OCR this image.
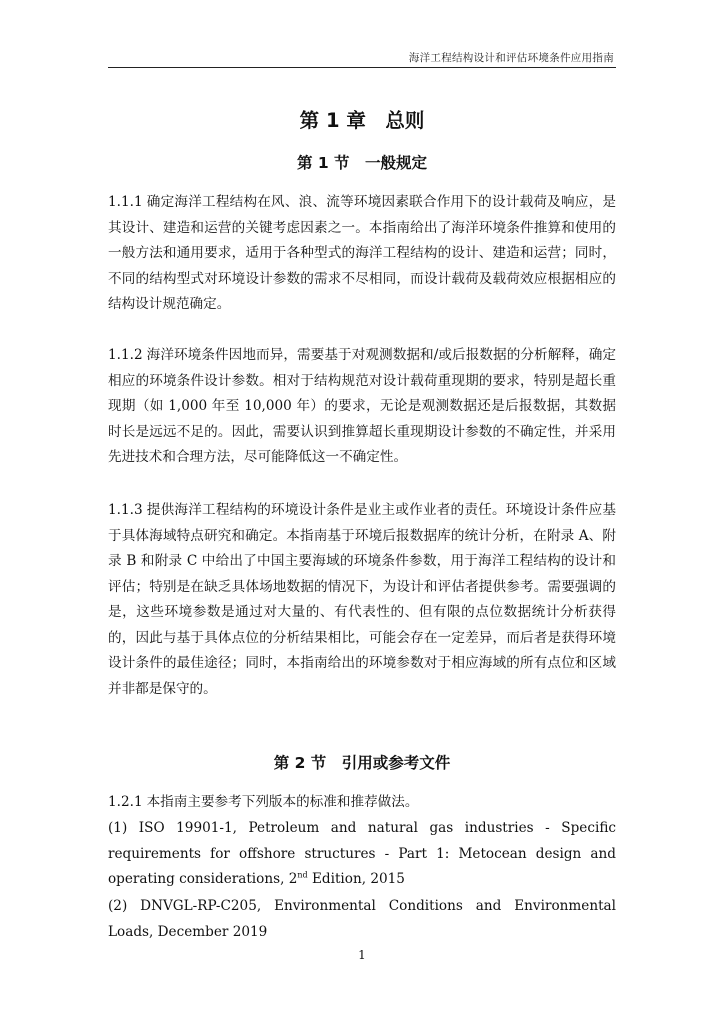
海洋工程结构设计和评估环境条件应用指南
第 1 章　总则
第 1 节　一般规定
1.1.1 确定海洋工程结构在风、浪、流等环境因素联合作用下的设计载荷及响应，是其设计、建造和运营的关键考虑因素之一。本指南给出了海洋环境条件推算和使用的一般方法和通用要求，适用于各种型式的海洋工程结构的设计、建造和运营；同时，不同的结构型式对环境设计参数的需求不尽相同，而设计载荷及载荷效应根据相应的结构设计规范确定。
1.1.2 海洋环境条件因地而异，需要基于对观测数据和/或后报数据的分析解释，确定相应的环境条件设计参数。相对于结构规范对设计载荷重现期的要求，特别是超长重现期（如 1,000 年至 10,000 年）的要求，无论是观测数据还是后报数据，其数据时长是远远不足的。因此，需要认识到推算超长重现期设计参数的不确定性，并采用先进技术和合理方法，尽可能降低这一不确定性。
1.1.3 提供海洋工程结构的环境设计条件是业主或作业者的责任。环境设计条件应基于具体海域特点研究和确定。本指南基于环境后报数据库的统计分析，在附录 A、附录 B 和附录 C 中给出了中国主要海域的环境条件参数，用于海洋工程结构的设计和评估；特别是在缺乏具体场地数据的情况下，为设计和评估者提供参考。需要强调的是，这些环境参数是通过对大量的、有代表性的、但有限的点位数据统计分析获得的，因此与基于具体点位的分析结果相比，可能会存在一定差异，而后者是获得环境设计条件的最佳途径；同时，本指南给出的环境参数对于相应海域的所有点位和区域并非都是保守的。
第 2 节　引用或参考文件
1.2.1 本指南主要参考下列版本的标准和推荐做法。
(1) ISO 19901-1, Petroleum and natural gas industries - Specific requirements for offshore structures - Part 1: Metocean design and operating considerations, 2nd Edition, 2015
(2) DNVGL-RP-C205, Environmental Conditions and Environmental Loads, December 2019
1
